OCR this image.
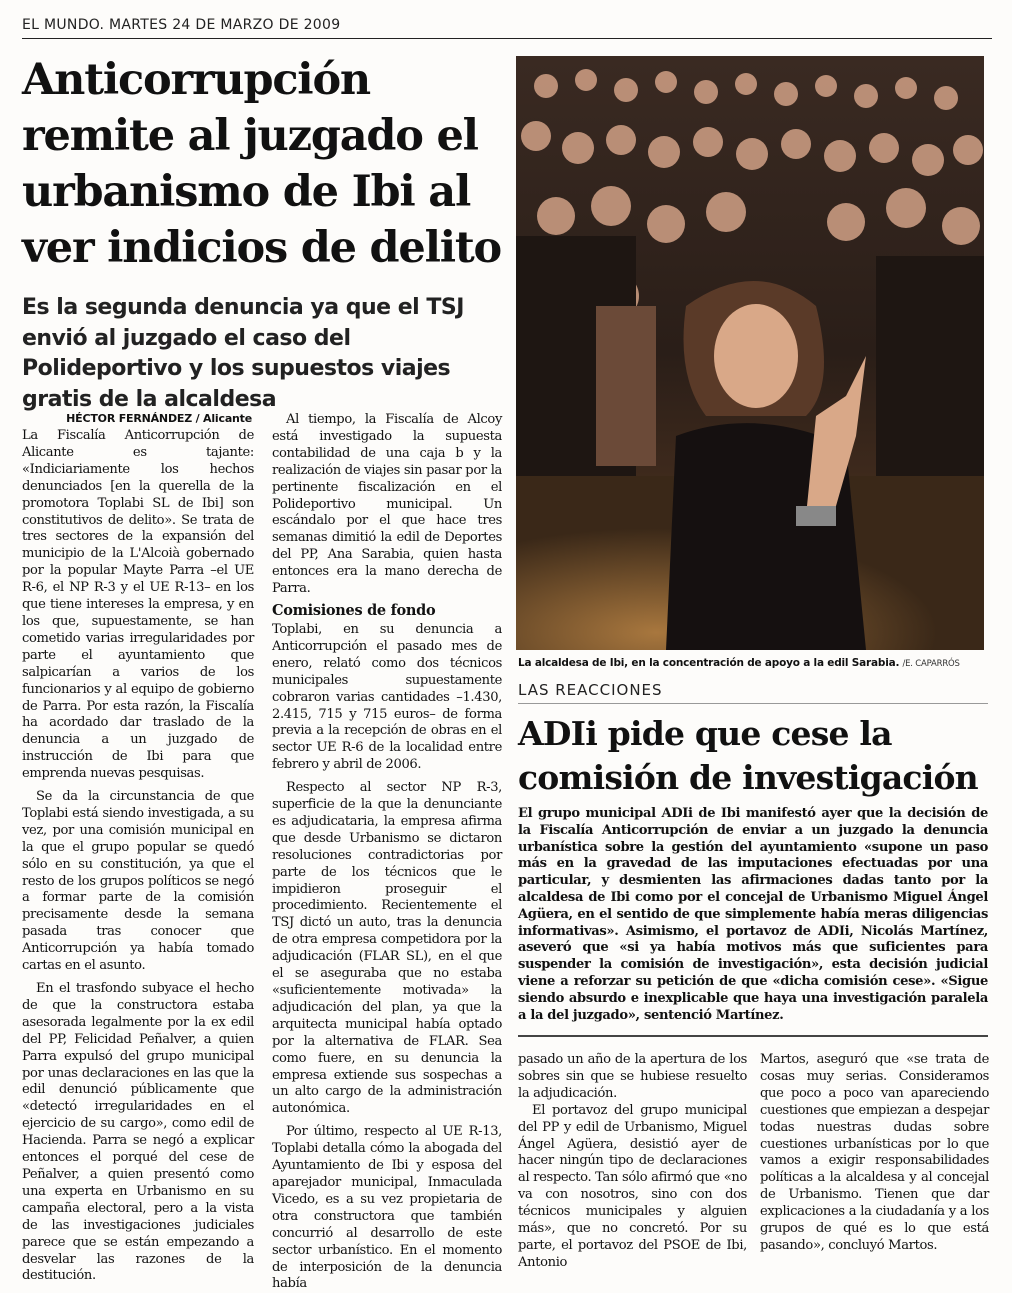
EL MUNDO. MARTES 24 DE MARZO DE 2009
Anticorrupción remite al juzgado el urbanismo de Ibi al ver indicios de delito
Es la segunda denuncia ya que el TSJ envió al juzgado el caso del Polideportivo y los supuestos viajes gratis de la alcaldesa
La alcaldesa de Ibi, en la concentración de apoyo a la edil Sarabia. /E. CAPARRÓS
HÉCTOR FERNÁNDEZ / Alicante

La Fiscalía Anticorrupción de Alicante es tajante: «Indiciariamente los hechos denunciados [en la querella de la promotora Toplabi SL de Ibi] son constitutivos de delito». Se trata de tres sectores de la expansión del municipio de la L'Alcoià gobernado por la popular Mayte Parra –el UE R-6, el NP R-3 y el UE R-13– en los que tiene intereses la empresa, y en los que, supuestamente, se han cometido varias irregularidades por parte el ayuntamiento que salpicarían a varios de los funcionarios y al equipo de gobierno de Parra. Por esta razón, la Fiscalía ha acordado dar traslado de la denuncia a un juzgado de instrucción de Ibi para que emprenda nuevas pesquisas.

Se da la circunstancia de que Toplabi está siendo investigada, a su vez, por una comisión municipal en la que el grupo popular se quedó sólo en su constitución, ya que el resto de los grupos políticos se negó a formar parte de la comisión precisamente desde la semana pasada tras conocer que Anticorrupción ya había tomado cartas en el asunto.

En el trasfondo subyace el hecho de que la constructora estaba asesorada legalmente por la ex edil del PP, Felicidad Peñalver, a quien Parra expulsó del grupo municipal por unas declaraciones en las que la edil denunció públicamente que «detectó irregularidades en el ejercicio de su cargo», como edil de Hacienda. Parra se negó a explicar entonces el porqué del cese de Peñalver, a quien presentó como una experta en Urbanismo en su campaña electoral, pero a la vista de las investigaciones judiciales parece que se están empezando a desvelar las razones de la destitución.

Al tiempo, la Fiscalía de Alcoy está investigado la supuesta contabilidad de una caja b y la realización de viajes sin pasar por la pertinente fiscalización en el Polideportivo municipal. Un escándalo por el que hace tres semanas dimitió la edil de Deportes del PP, Ana Sarabia, quien hasta entonces era la mano derecha de Parra.

Comisiones de fondo

Toplabi, en su denuncia a Anticorrupción el pasado mes de enero, relató como dos técnicos municipales supuestamente cobraron varias cantidades –1.430, 2.415, 715 y 715 euros– de forma previa a la recepción de obras en el sector UE R-6 de la localidad entre febrero y abril de 2006.

Respecto al sector NP R-3, superficie de la que la denunciante es adjudicataria, la empresa afirma que desde Urbanismo se dictaron resoluciones contradictorias por parte de los técnicos que le impidieron proseguir el procedimiento. Recientemente el TSJ dictó un auto, tras la denuncia de otra empresa competidora por la adjudicación (FLAR SL), en el que el se aseguraba que no estaba «suficientemente motivada» la adjudicación del plan, ya que la arquitecta municipal había optado por la alternativa de FLAR. Sea como fuere, en su denuncia la empresa extiende sus sospechas a un alto cargo de la administración autonómica.

Por último, respecto al UE R-13, Toplabi detalla cómo la abogada del Ayuntamiento de Ibi y esposa del aparejador municipal, Inmaculada Vicedo, es a su vez propietaria de otra constructora que también concurrió al desarrollo de este sector urbanístico. En el momento de interposición de la denuncia había

LAS REACCIONES
ADIi pide que cese la comisión de investigación

El grupo municipal ADIi de Ibi manifestó ayer que la decisión de la Fiscalía Anticorrupción de enviar a un juzgado la denuncia urbanística sobre la gestión del ayuntamiento «supone un paso más en la gravedad de las imputaciones efectuadas por una particular, y desmienten las afirmaciones dadas tanto por la alcaldesa de Ibi como por el concejal de Urbanismo Miguel Ángel Agüera, en el sentido de que simplemente había meras diligencias informativas». Asimismo, el portavoz de ADIi, Nicolás Martínez, aseveró que «si ya había motivos más que suficientes para suspender la comisión de investigación», esta decisión judicial viene a reforzar su petición de que «dicha comisión cese». «Sigue siendo absurdo e inexplicable que haya una investigación paralela a la del juzgado», sentenció Martínez.

pasado un año de la apertura de los sobres sin que se hubiese resuelto la adjudicación.

El portavoz del grupo municipal del PP y edil de Urbanismo, Miguel Ángel Agüera, desistió ayer de hacer ningún tipo de declaraciones al respecto. Tan sólo afirmó que «no va con nosotros, sino con dos técnicos municipales y alguien más», que no concretó. Por su parte, el portavoz del PSOE de Ibi, Antonio

Martos, aseguró que «se trata de cosas muy serias. Consideramos que poco a poco van apareciendo cuestiones que empiezan a despejar todas nuestras dudas sobre cuestiones urbanísticas por lo que vamos a exigir responsabilidades políticas a la alcaldesa y al concejal de Urbanismo. Tienen que dar explicaciones a la ciudadanía y a los grupos de qué es lo que está pasando», concluyó Martos.
